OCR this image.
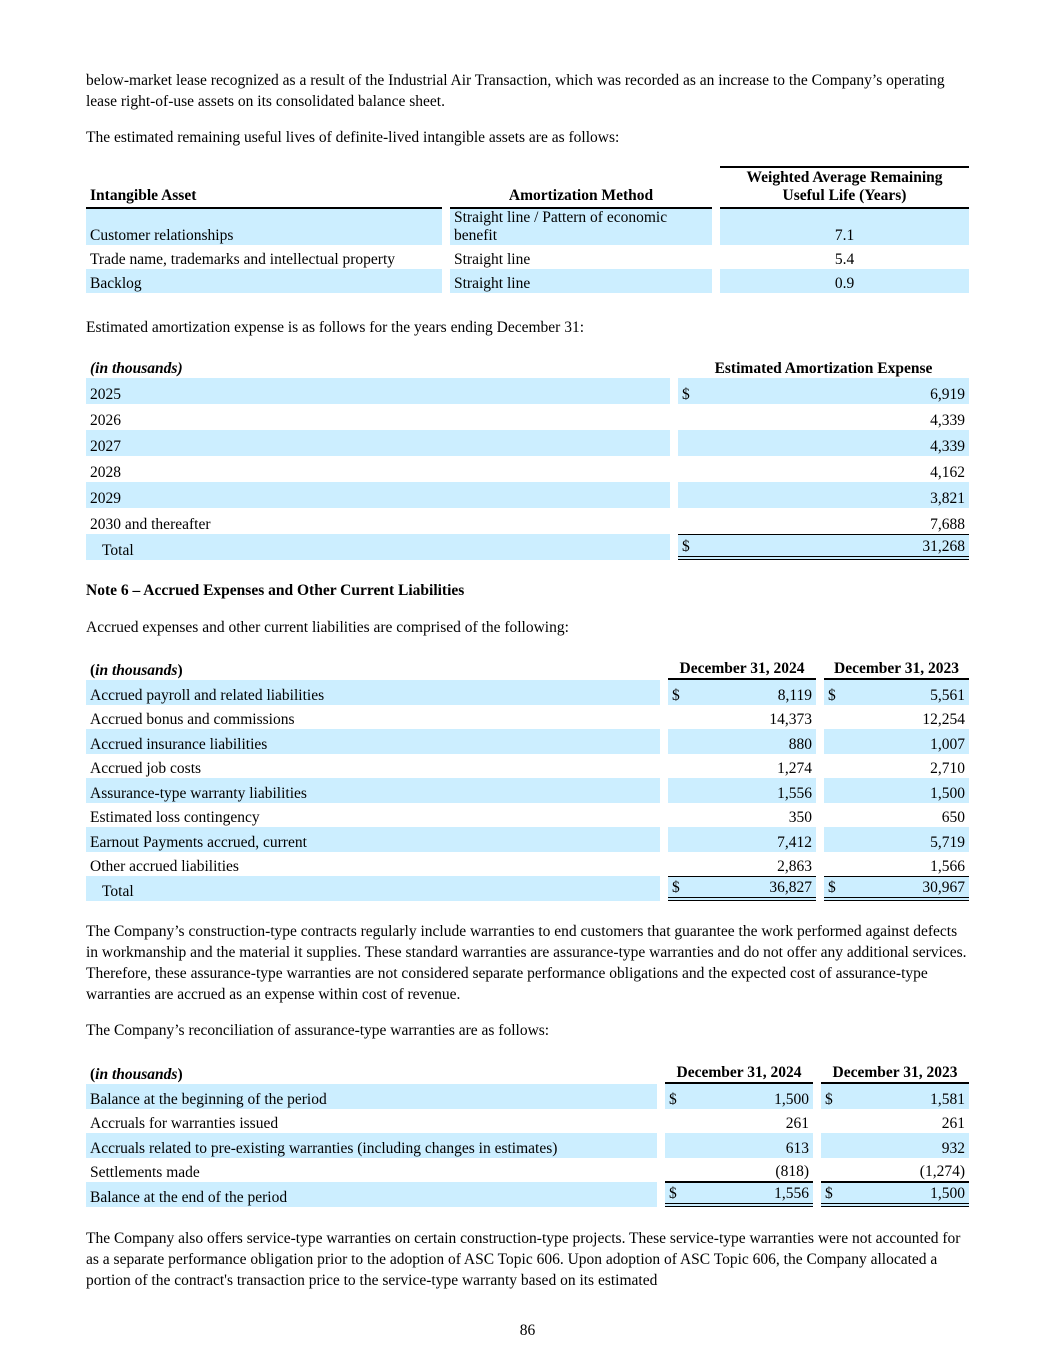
below-market lease recognized as a result of the Industrial Air Transaction, which was recorded as an increase to the Company’s operating lease right-of-use assets on its consolidated balance sheet.
The estimated remaining useful lives of definite-lived intangible assets are as follows:
Intangible Asset		Amortization Method		Weighted Average Remaining Useful Life (Years)
Customer relationships		Straight line / Pattern of economic benefit		7.1
Trade name, trademarks and intellectual property		Straight line		5.4
Backlog		Straight line		0.9
Estimated amortization expense is as follows for the years ending December 31:
(in thousands)		Estimated Amortization Expense
2025		$ 6,919
2026		4,339
2027		4,339
2028		4,162
2029		3,821
2030 and thereafter		7,688
Total		$ 31,268
Note 6 – Accrued Expenses and Other Current Liabilities
Accrued expenses and other current liabilities are comprised of the following:
(in thousands)		December 31, 2024		December 31, 2023
Accrued payroll and related liabilities		$ 8,119		$ 5,561
Accrued bonus and commissions		14,373		12,254
Accrued insurance liabilities		880		1,007
Accrued job costs		1,274		2,710
Assurance-type warranty liabilities		1,556		1,500
Estimated loss contingency		350		650
Earnout Payments accrued, current		7,412		5,719
Other accrued liabilities		2,863		1,566
Total		$ 36,827		$ 30,967
The Company’s construction-type contracts regularly include warranties to end customers that guarantee the work performed against defects in workmanship and the material it supplies. These standard warranties are assurance-type warranties and do not offer any additional services. Therefore, these assurance-type warranties are not considered separate performance obligations and the expected cost of assurance-type warranties are accrued as an expense within cost of revenue.
The Company’s reconciliation of assurance-type warranties are as follows:
(in thousands)		December 31, 2024		December 31, 2023
Balance at the beginning of the period		$ 1,500		$ 1,581
Accruals for warranties issued		261		261
Accruals related to pre-existing warranties (including changes in estimates)		613		932
Settlements made		(818)		(1,274)
Balance at the end of the period		$ 1,556		$ 1,500
The Company also offers service-type warranties on certain construction-type projects. These service-type warranties were not accounted for as a separate performance obligation prior to the adoption of ASC Topic 606. Upon adoption of ASC Topic 606, the Company allocated a portion of the contract's transaction price to the service-type warranty based on its estimated
86
